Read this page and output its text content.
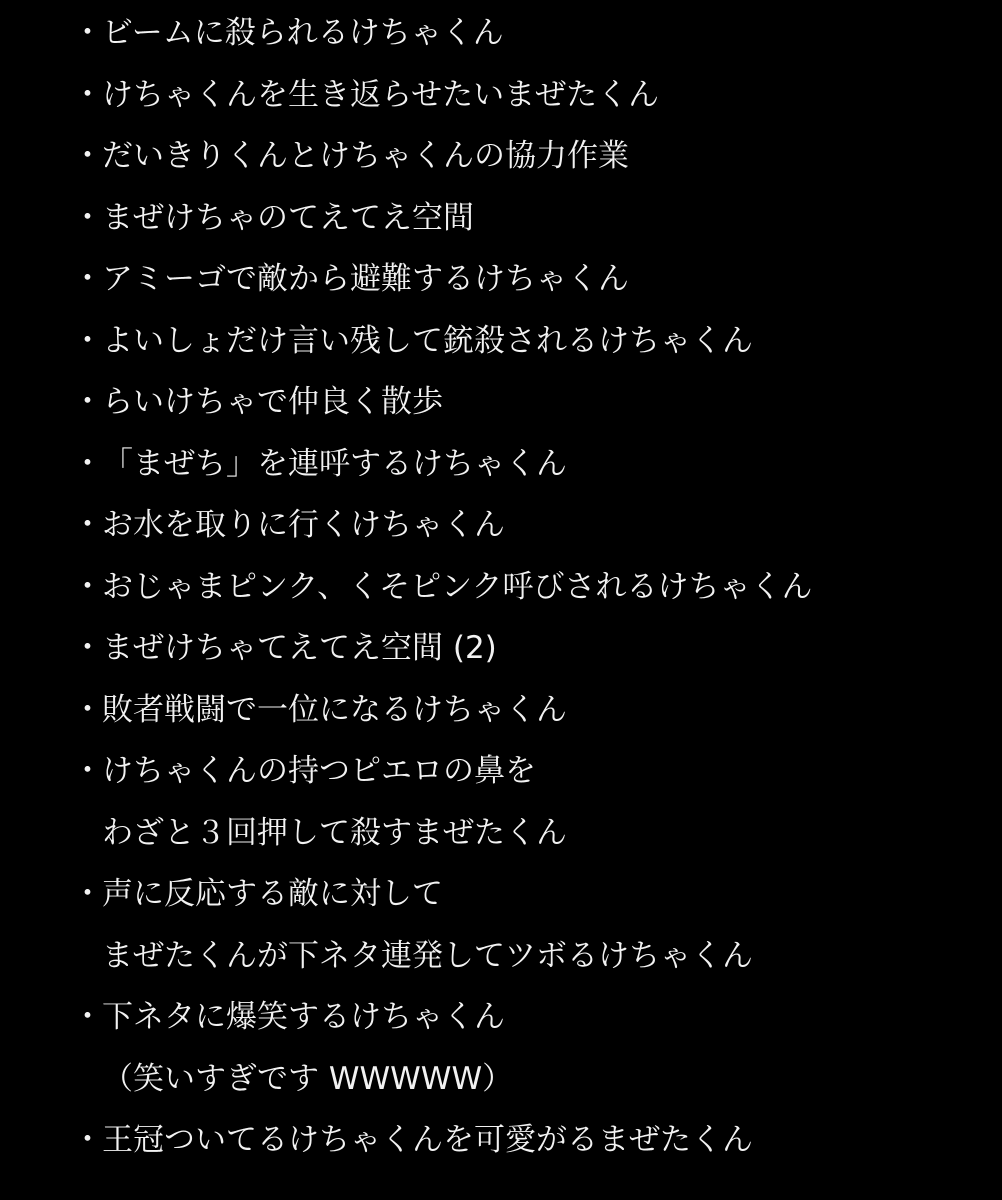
・ ビームに殺られるけちゃくん
・ けちゃくんを生き返らせたいまぜたくん
・ だいきりくんとけちゃくんの協力作業
・ まぜけちゃのてえてえ空間
・ アミーゴで敵から避難するけちゃくん
・ よいしょだけ言い残して銃殺されるけちゃくん
・ らいけちゃで仲良く散歩
・ 「まぜち」を連呼するけちゃくん
・ お水を取りに行くけちゃくん
・ おじゃまピンク、くそピンク呼びされるけちゃくん
・ まぜけちゃてえてえ空間 (2)
・ 敗者戦闘で一位になるけちゃくん
・ けちゃくんの持つピエロの鼻を
わざと３回押して殺すまぜたくん
・ 声に反応する敵に対して
まぜたくんが下ネタ連発してツボるけちゃくん
・ 下ネタに爆笑するけちゃくん
（笑いすぎです WWWWW）
・ 王冠ついてるけちゃくんを可愛がるまぜたくん
